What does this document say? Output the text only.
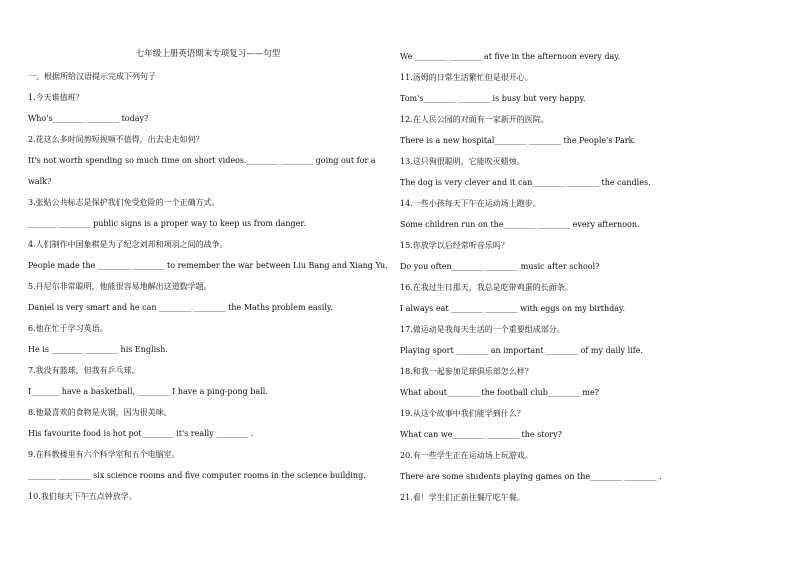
七年级上册英语期末专项复习——句型
一、根据所给汉语提示完成下列句子
1.今天谁值班？
Who's________ ________ today?
2.花这么多时间剪短视频不值得，出去走走如何？
It's not worth spending so much time on short videos.________ ________ going out for a
walk?
3.张贴公共标志是保护我们免受危险的一个正确方式。
_______ ________ public signs is a proper way to keep us from danger.
4.人们制作中国象棋是为了纪念刘邦和项羽之间的战争。
People made the ________ ________ to remember the war between Liu Bang and Xiang Yu.
5.丹尼尔非常聪明，他能很容易地解出这道数学题。
Daniel is very smart and he can ________ ________ the Maths problem easily.
6.他在忙于学习英语。
He is ________ ________ his English.
7.我没有篮球，但我有乒乓球。
I_______ have a basketball, ________ I have a ping-pong ball.
8.他最喜欢的食物是火锅，因为很美味。
His favourite food is hot pot________ it's really ________ .
9.在科教楼里有六个科学室和五个电脑室。
_______ ________ six science rooms and five computer rooms in the science building.
10.我们每天下午五点钟放学。
We ________ ________ at five in the afternoon every day.
11.汤姆的日常生活繁忙但是很开心。
Tom's________ ________ is busy but very happy.
12.在人民公园的对面有一家新开的医院。
There is a new hospital________ ________ the People's Park.
13.这只狗很聪明，它能吹灭蜡烛。
The dog is very clever and it can________ ________ the candles.
14.一些小孩每天下午在运动场上跑步。
Some children run on the________ ________ every afternoon.
15.你放学以后经常听音乐吗？
Do you often________ ________ music after school?
16.在我过生日那天，我总是吃带鸡蛋的长面条。
I always eat ________ ________ with eggs on my birthday.
17.做运动是我每天生活的一个重要组成部分。
Playing sport ________ an important ________ of my daily life.
18.和我一起参加足球俱乐部怎么样？
What about________ the football club________ me?
19.从这个故事中我们能学到什么？
What can we________ ________ the story?
20.有一些学生正在运动场上玩游戏。
There are some students playing games on the________ ________ .
21.看！学生们正前往餐厅吃午餐。
